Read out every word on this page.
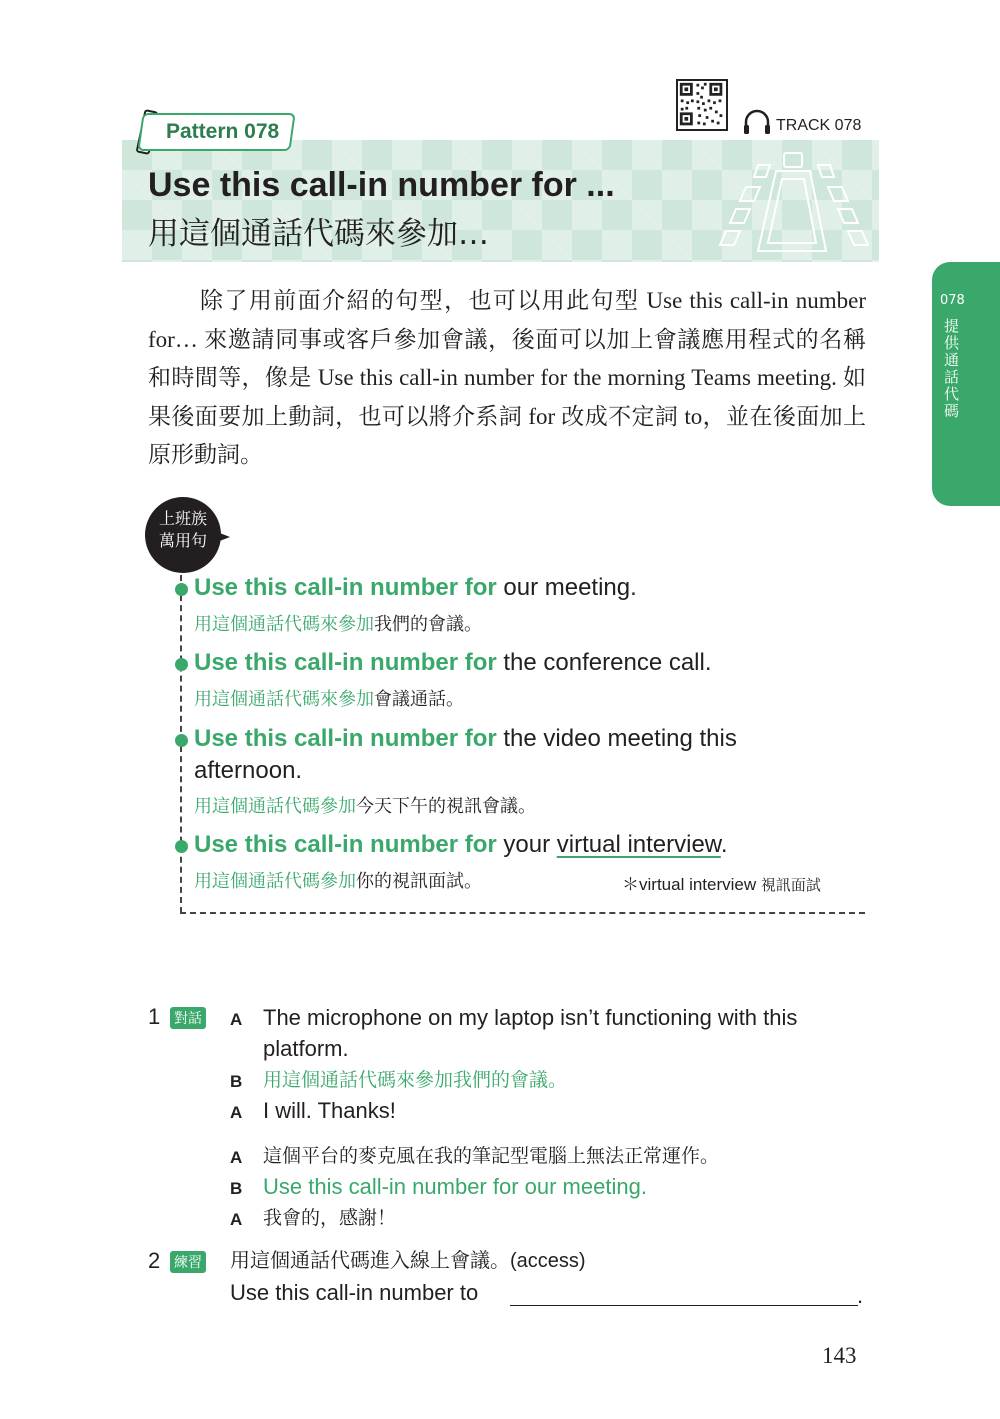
Pattern 078
Use this call-in number for ...
用這個通話代碼來參加…
TRACK 078
078
提供通話代碼

除了用前面介紹的句型，也可以用此句型 Use this call-in number for… 來邀請同事或客戶參加會議，後面可以加上會議應用程式的名稱和時間等，像是 Use this call-in number for the morning Teams meeting. 如果後面要加上動詞，也可以將介系詞 for 改成不定詞 to，並在後面加上原形動詞。

上班族
萬用句
Use this call-in number for our meeting.
用這個通話代碼來參加我們的會議。
Use this call-in number for the conference call.
用這個通話代碼來參加會議通話。
Use this call-in number for the video meeting this afternoon.
用這個通話代碼參加今天下午的視訊會議。
Use this call-in number for your virtual interview.
用這個通話代碼參加你的視訊面試。	＊virtual interview 視訊面試
1 對話 A The microphone on my laptop isn’t functioning with this platform.
B 用這個通話代碼來參加我們的會議。
A I will. Thanks!
A 這個平台的麥克風在我的筆記型電腦上無法正常運作。
B Use this call-in number for our meeting.
A 我會的，感謝！
2 練習 用這個通話代碼進入線上會議。(access)
Use this call-in number to	.
143
